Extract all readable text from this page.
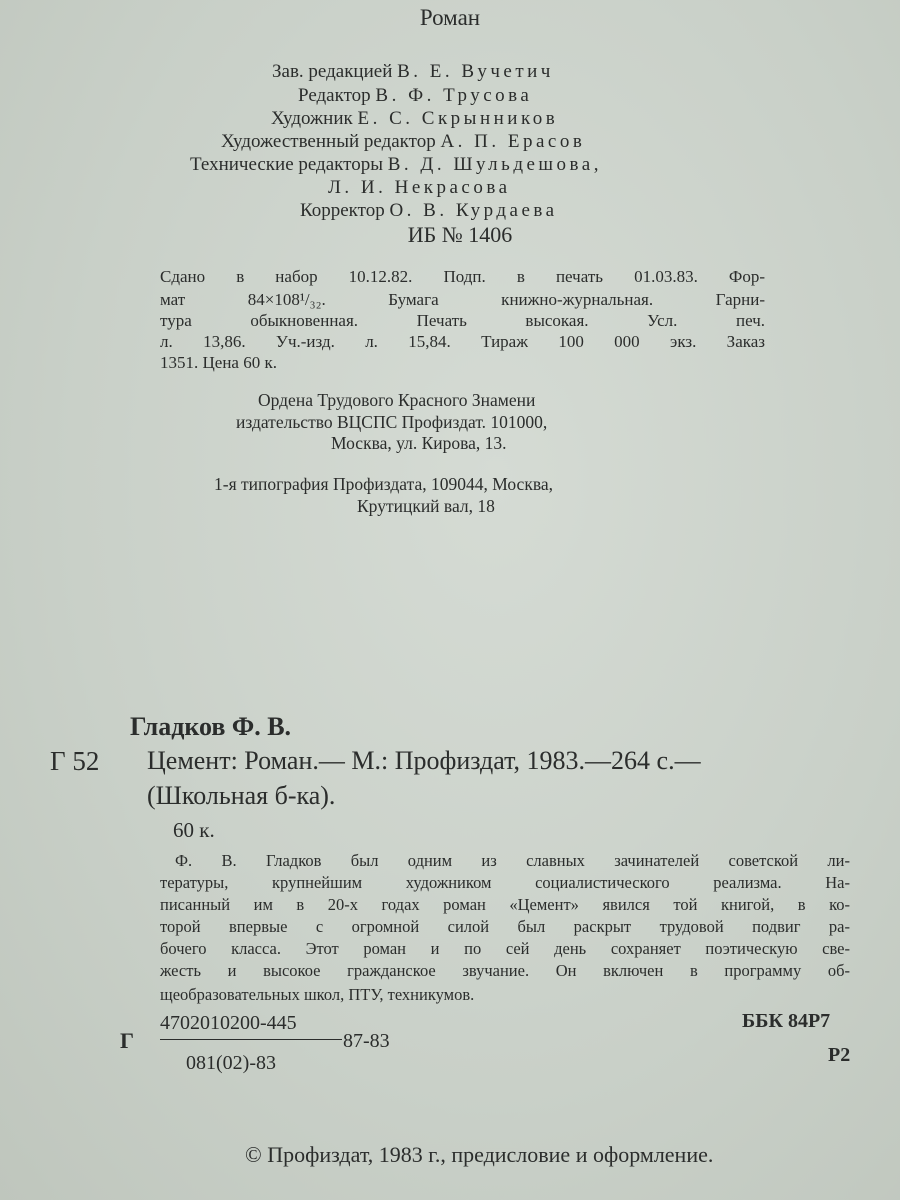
Роман
Зав. редакцией В. Е. Вучетич
Редактор В. Ф. Трусова
Художник Е. С. Скрынников
Художественный редактор А. П. Ерасов
Технические редакторы В. Д. Шульдешова,
Л. И. Некрасова
Корректор О. В. Курдаева
ИБ № 1406
Сдано в набор 10.12.82. Подп. в печать 01.03.83. Фор-
мат 84×108¹/₃₂. Бумага книжно-журнальная. Гарни-
тура обыкновенная. Печать высокая. Усл. печ.
л. 13,86. Уч.-изд. л. 15,84. Тираж 100 000 экз. Заказ
1351. Цена 60 к.
Ордена Трудового Красного Знамени
издательство ВЦСПС Профиздат. 101000,
Москва, ул. Кирова, 13.
1-я типография Профиздата, 109044, Москва,
Крутицкий вал, 18
Гладков Ф. В.
Г 52 Цемент: Роман.— М.: Профиздат, 1983.—264 с.—
(Школьная б-ка).
60 к.
Ф. В. Гладков был одним из славных зачинателей советской ли-
тературы, крупнейшим художником социалистического реализма. На-
писанный им в 20-х годах роман «Цемент» явился той книгой, в ко-
торой впервые с огромной силой был раскрыт трудовой подвиг ра-
бочего класса. Этот роман и по сей день сохраняет поэтическую све-
жесть и высокое гражданское звучание. Он включен в программу об-
щеобразовательных школ, ПТУ, техникумов.
Г
4702010200-445
87-83
081(02)-83
ББК 84Р7
Р2
© Профиздат, 1983 г., предисловие и оформление.
